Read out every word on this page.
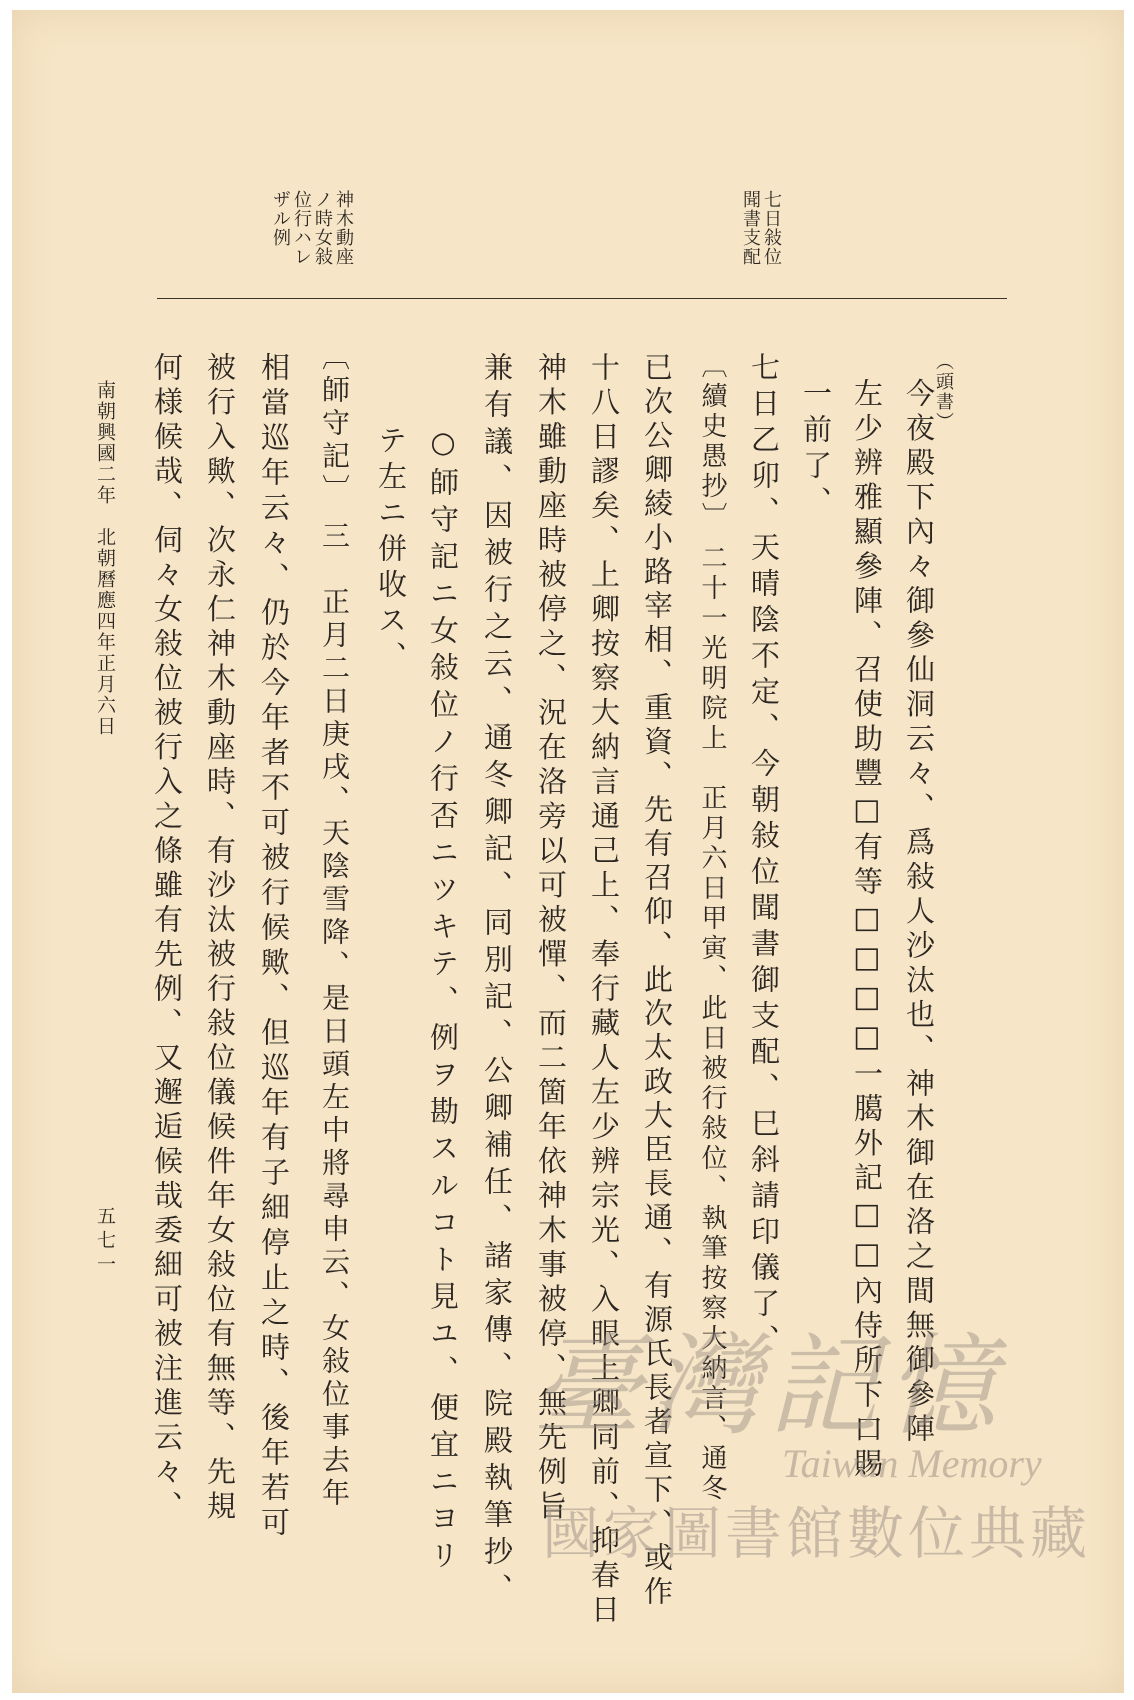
神木動座
ノ時女敍
位行ハレ
ザル例	七日敍位
聞書支配
（頭書）
今夜殿下內々御參仙洞云々、爲敍人沙汰也、神木御在洛之間無御參陣
左少辨雅顯參陣、召使助豐□有等□□□□一臈外記□□內侍所下口賜
一前了、
七日乙卯、天晴陰不定、今朝敍位聞書御支配、巳斜請印儀了、
〔續史愚抄〕 二十一光明院上　正月六日甲寅、此日被行敍位、執筆按察大納言、通冬
已次公卿綾小路宰相、重資、先有召仰、此次太政大臣長通、有源氏長者宣下、或作
十八日謬矣、上卿按察大納言通己上、奉行藏人左少辨宗光、入眼上卿同前、抑春日
神木雖動座時被停之、況在洛旁以可被憚、而二箇年依神木事被停、無先例旨
兼有議、因被行之云、通冬卿記、同別記、公卿補任、諸家傳、院殿執筆抄、
○師守記ニ女敍位ノ行否ニツキテ、例ヲ勘スルコト見ユ、便宜ニヨリ
テ左ニ併收ス、
〔師守記〕 三　正月二日庚戌、天陰雪降、是日頭左中將尋申云、女敍位事去年
相當巡年云々、仍於今年者不可被行候歟、但巡年有子細停止之時、後年若可
被行入歟、次永仁神木動座時、有沙汰被行敍位儀候件年女敍位有無等、先規
何様候哉、伺々女敍位被行入之條雖有先例、又邂逅候哉委細可被注進云々、
南朝興國二年　北朝曆應四年正月六日
五七一
臺灣記憶
Taiwan Memory
國家圖書館數位典藏
